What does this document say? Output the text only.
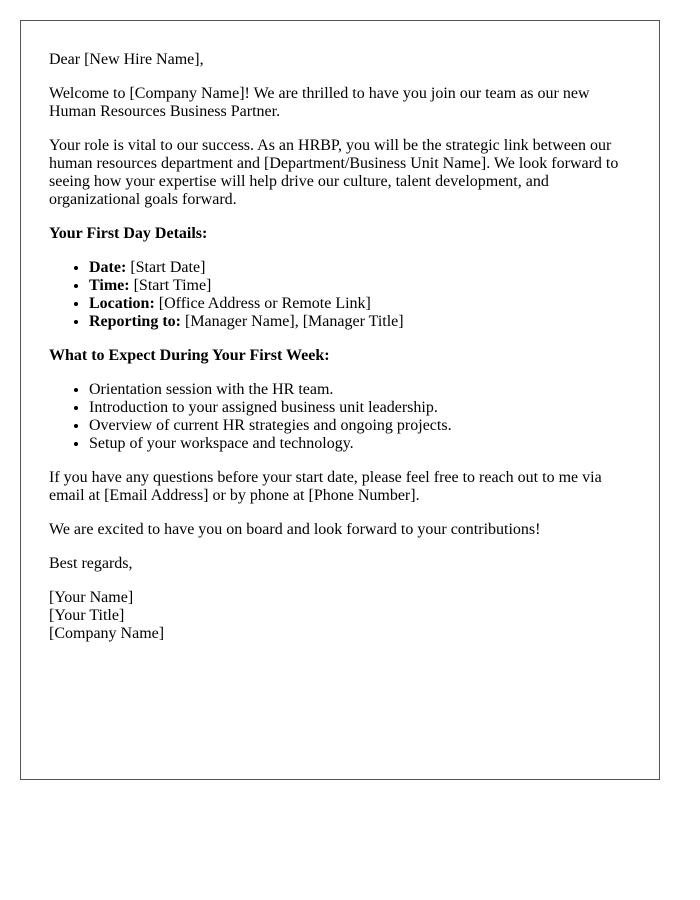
Dear [New Hire Name],

Welcome to [Company Name]! We are thrilled to have you join our team as our new Human Resources Business Partner.

Your role is vital to our success. As an HRBP, you will be the strategic link between our human resources department and [Department/Business Unit Name]. We look forward to seeing how your expertise will help drive our culture, talent development, and organizational goals forward.

Your First Day Details:
• Date: [Start Date]
• Time: [Start Time]
• Location: [Office Address or Remote Link]
• Reporting to: [Manager Name], [Manager Title]
What to Expect During Your First Week:
• Orientation session with the HR team.
• Introduction to your assigned business unit leadership.
• Overview of current HR strategies and ongoing projects.
• Setup of your workspace and technology.

If you have any questions before your start date, please feel free to reach out to me via email at [Email Address] or by phone at [Phone Number].

We are excited to have you on board and look forward to your contributions!

Best regards,

[Your Name]
[Your Title]
[Company Name]
